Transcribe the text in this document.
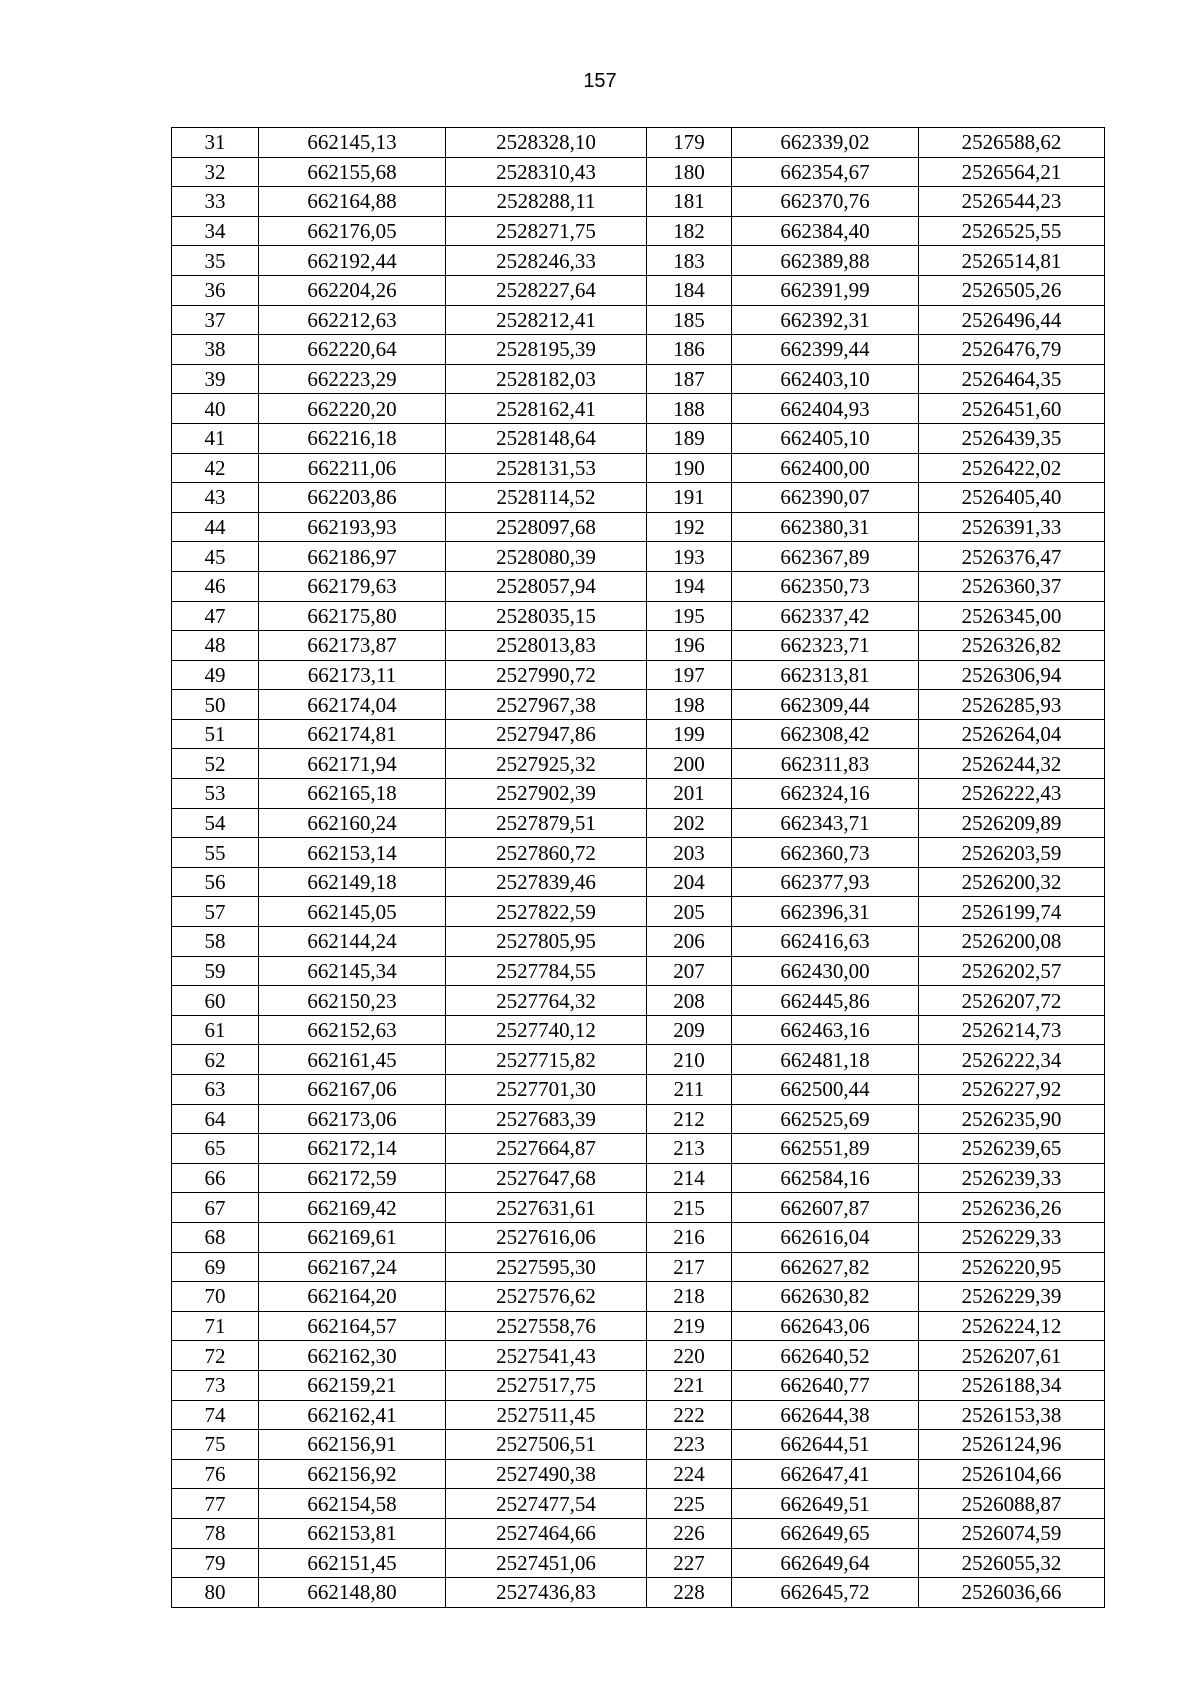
157
31	662145,13	2528328,10	179	662339,02	2526588,62
32	662155,68	2528310,43	180	662354,67	2526564,21
33	662164,88	2528288,11	181	662370,76	2526544,23
34	662176,05	2528271,75	182	662384,40	2526525,55
35	662192,44	2528246,33	183	662389,88	2526514,81
36	662204,26	2528227,64	184	662391,99	2526505,26
37	662212,63	2528212,41	185	662392,31	2526496,44
38	662220,64	2528195,39	186	662399,44	2526476,79
39	662223,29	2528182,03	187	662403,10	2526464,35
40	662220,20	2528162,41	188	662404,93	2526451,60
41	662216,18	2528148,64	189	662405,10	2526439,35
42	662211,06	2528131,53	190	662400,00	2526422,02
43	662203,86	2528114,52	191	662390,07	2526405,40
44	662193,93	2528097,68	192	662380,31	2526391,33
45	662186,97	2528080,39	193	662367,89	2526376,47
46	662179,63	2528057,94	194	662350,73	2526360,37
47	662175,80	2528035,15	195	662337,42	2526345,00
48	662173,87	2528013,83	196	662323,71	2526326,82
49	662173,11	2527990,72	197	662313,81	2526306,94
50	662174,04	2527967,38	198	662309,44	2526285,93
51	662174,81	2527947,86	199	662308,42	2526264,04
52	662171,94	2527925,32	200	662311,83	2526244,32
53	662165,18	2527902,39	201	662324,16	2526222,43
54	662160,24	2527879,51	202	662343,71	2526209,89
55	662153,14	2527860,72	203	662360,73	2526203,59
56	662149,18	2527839,46	204	662377,93	2526200,32
57	662145,05	2527822,59	205	662396,31	2526199,74
58	662144,24	2527805,95	206	662416,63	2526200,08
59	662145,34	2527784,55	207	662430,00	2526202,57
60	662150,23	2527764,32	208	662445,86	2526207,72
61	662152,63	2527740,12	209	662463,16	2526214,73
62	662161,45	2527715,82	210	662481,18	2526222,34
63	662167,06	2527701,30	211	662500,44	2526227,92
64	662173,06	2527683,39	212	662525,69	2526235,90
65	662172,14	2527664,87	213	662551,89	2526239,65
66	662172,59	2527647,68	214	662584,16	2526239,33
67	662169,42	2527631,61	215	662607,87	2526236,26
68	662169,61	2527616,06	216	662616,04	2526229,33
69	662167,24	2527595,30	217	662627,82	2526220,95
70	662164,20	2527576,62	218	662630,82	2526229,39
71	662164,57	2527558,76	219	662643,06	2526224,12
72	662162,30	2527541,43	220	662640,52	2526207,61
73	662159,21	2527517,75	221	662640,77	2526188,34
74	662162,41	2527511,45	222	662644,38	2526153,38
75	662156,91	2527506,51	223	662644,51	2526124,96
76	662156,92	2527490,38	224	662647,41	2526104,66
77	662154,58	2527477,54	225	662649,51	2526088,87
78	662153,81	2527464,66	226	662649,65	2526074,59
79	662151,45	2527451,06	227	662649,64	2526055,32
80	662148,80	2527436,83	228	662645,72	2526036,66
